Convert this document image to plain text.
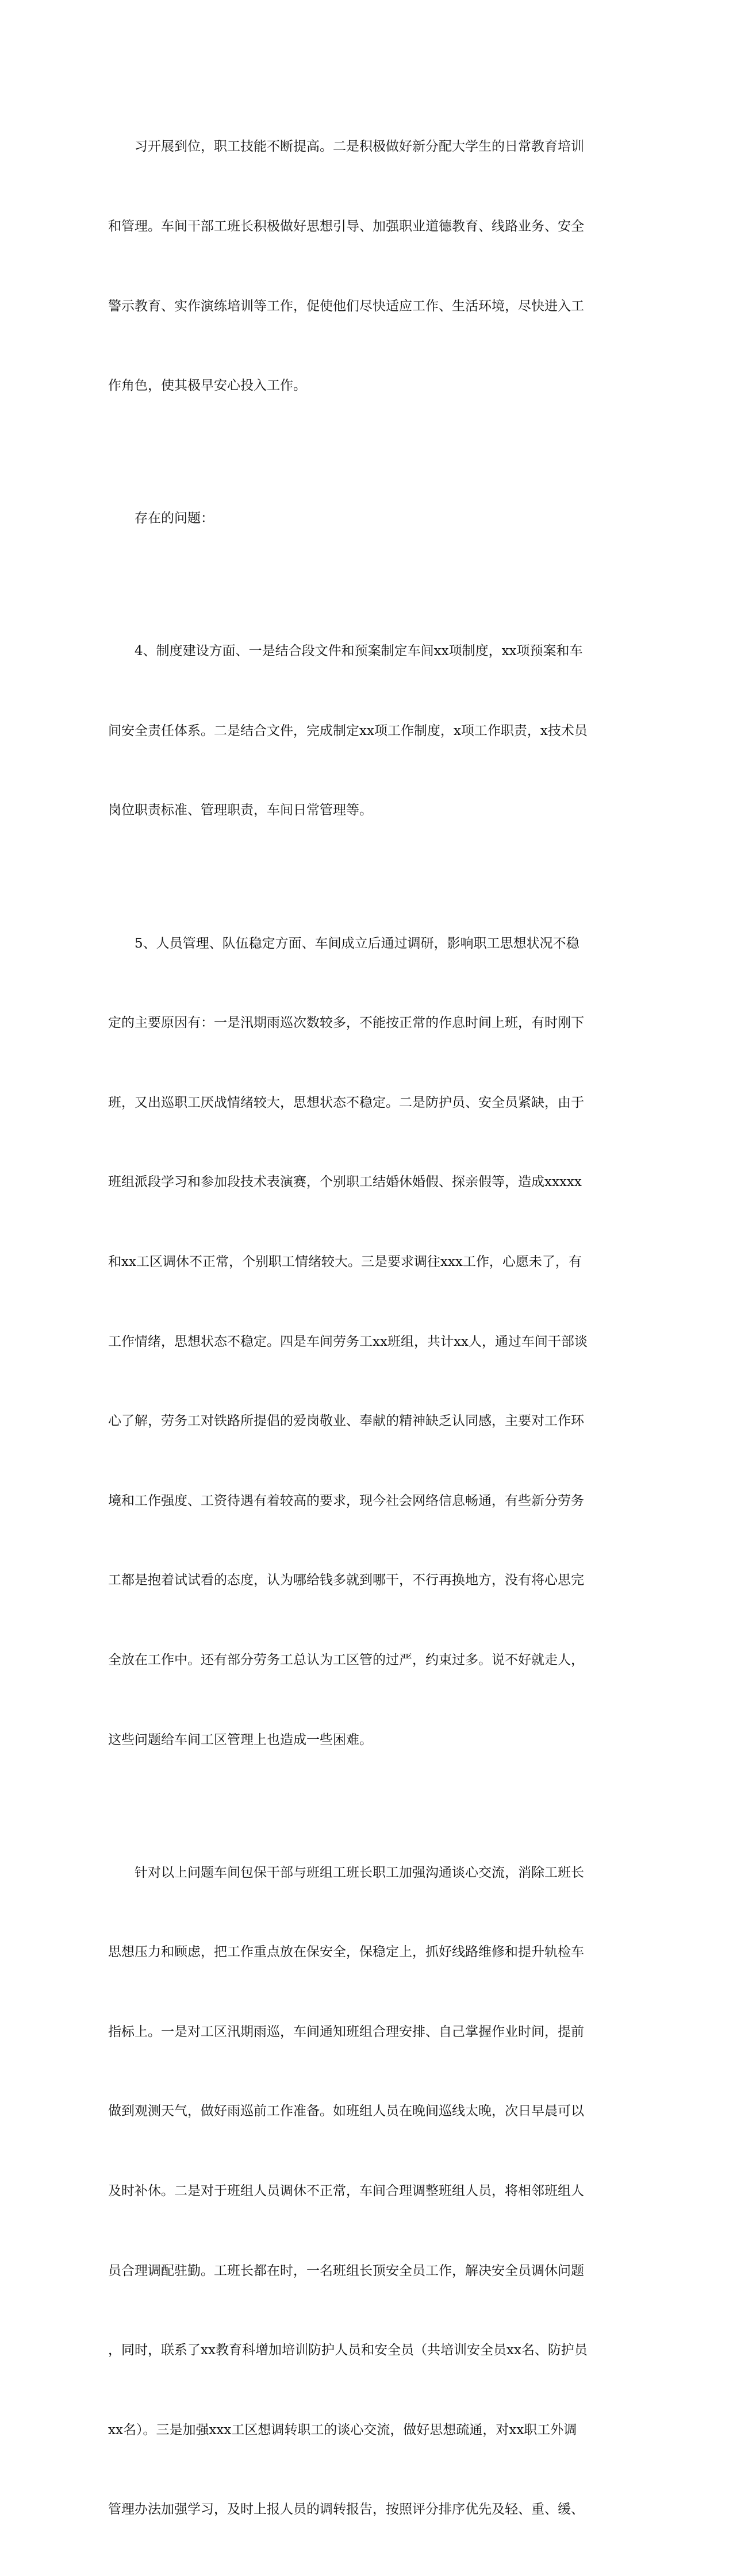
习开展到位，职工技能不断提高。二是积极做好新分配大学生的日常教育培训

和管理。车间干部工班长积极做好思想引导、加强职业道德教育、线路业务、安全

警示教育、实作演练培训等工作，促使他们尽快适应工作、生活环境，尽快进入工

作角色，使其极早安心投入工作。

存在的问题：

4、制度建设方面、一是结合段文件和预案制定车间xx项制度，xx项预案和车

间安全责任体系。二是结合文件，完成制定xx项工作制度，x项工作职责，x技术员

岗位职责标准、管理职责，车间日常管理等。

5、人员管理、队伍稳定方面、车间成立后通过调研，影响职工思想状况不稳

定的主要原因有：一是汛期雨巡次数较多，不能按正常的作息时间上班，有时刚下

班，又出巡职工厌战情绪较大，思想状态不稳定。二是防护员、安全员紧缺，由于

班组派段学习和参加段技术表演赛，个别职工结婚休婚假、探亲假等，造成xxxxx

和xx工区调休不正常，个别职工情绪较大。三是要求调往xxx工作，心愿未了，有

工作情绪，思想状态不稳定。四是车间劳务工xx班组，共计xx人，通过车间干部谈

心了解，劳务工对铁路所提倡的爱岗敬业、奉献的精神缺乏认同感，主要对工作环

境和工作强度、工资待遇有着较高的要求，现今社会网络信息畅通，有些新分劳务

工都是抱着试试看的态度，认为哪给钱多就到哪干，不行再换地方，没有将心思完

全放在工作中。还有部分劳务工总认为工区管的过严，约束过多。说不好就走人，

这些问题给车间工区管理上也造成一些困难。

针对以上问题车间包保干部与班组工班长职工加强沟通谈心交流，消除工班长

思想压力和顾虑，把工作重点放在保安全，保稳定上，抓好线路维修和提升轨检车

指标上。一是对工区汛期雨巡，车间通知班组合理安排、自己掌握作业时间，提前

做到观测天气，做好雨巡前工作准备。如班组人员在晚间巡线太晚，次日早晨可以

及时补休。二是对于班组人员调休不正常，车间合理调整班组人员，将相邻班组人

员合理调配驻勤。工班长都在时，一名班组长顶安全员工作，解决安全员调休问题

，同时，联系了xx教育科增加培训防护人员和安全员（共培训安全员xx名、防护员

xx名）。三是加强xxx工区想调转职工的谈心交流，做好思想疏通，对xx职工外调

管理办法加强学习，及时上报人员的调转报告，按照评分排序优先及轻、重、缓、
